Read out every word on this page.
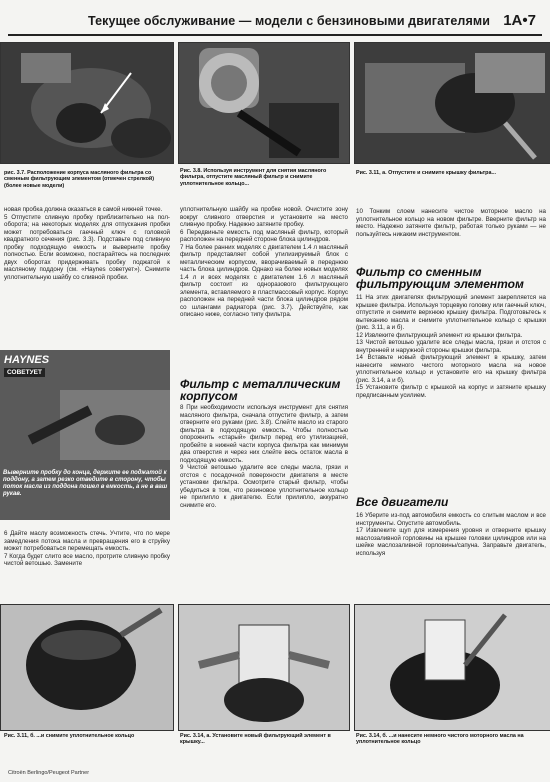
Текущее обслуживание — модели с бензиновыми двигателями 1A•7
рис. 3.7. Расположение корпуса масляного фильтра со сменным фильтрующим элементом (отмечен стрелкой) (более новые модели)
Рис. 3.8. Используя инструмент для снятия масляного фильтра, отпустите масляный фильтр и снимите уплотнительное кольцо...
Рис. 3.11, а. Отпустите и снимите крышку фильтра...

новая пробка должна оказаться в самой нижней точке.

5 Отпустите сливную пробку приблизительно на пол-оборота; на некоторых моделях для отпускания пробки может потребоваться гаечный ключ с головкой квадратного сечения (рис. 3.3). Подставьте под сливную пробку подходящую емкость и выверните пробку полностью. Если возможно, постарайтесь на последних двух оборотах придерживать пробку поджатой к масляному поддону (см. «Haynes советует»). Снимите уплотнительную шайбу со сливной пробки.

HAYNES
СОВЕТУЕТ
Выверните пробку до конца, держите ее поджатой к поддону, а затем резко отведите в сторону, чтобы поток масла из поддона пошел в емкость, а не в ваш рукав.

6 Дайте маслу возможность стечь. Учтите, что по мере замедления потока масла и превращения его в струйку может потребоваться перемещать емкость.

7 Когда будет слито все масло, протрите сливную пробку чистой ветошью. Замените

уплотнительную шайбу на пробке новой. Очистите зону вокруг сливного отверстия и установите на место сливную пробку. Надежно затяните пробку.

6 Передвиньте емкость под масляный фильтр, который расположен на передней стороне блока цилиндров.

7 На более ранних моделях с двигателем 1.4 л масляный фильтр представляет собой утилизируемый блок с металлическим корпусом, вворачиваемый в переднюю часть блока цилиндров. Однако на более новых моделях 1.4 л и всех моделях с двигателем 1.6 л масляный фильтр состоит из одноразового фильтрующего элемента, вставляемого в пластмассовый корпус. Корпус расположен на передней части блока цилиндров рядом со шлангами радиатора (рис. 3.7). Действуйте, как описано ниже, согласно типу фильтра.

Фильтр с металлическим корпусом

8 При необходимости используя инструмент для снятия масляного фильтра, сначала отпустите фильтр, а затем отверните его руками (рис. 3.8). Слейте масло из старого фильтра в подходящую емкость. Чтобы полностью опорожнить «старый» фильтр перед его утилизацией, пробейте в нижней части корпуса фильтра как минимум два отверстия и через них слейте весь остаток масла в подходящую емкость.

9 Чистой ветошью удалите все следы масла, грязи и отстоя с посадочной поверхности двигателя в месте установки фильтра. Осмотрите старый фильтр, чтобы убедиться в том, что резиновое уплотнительное кольцо не прилипло к двигателю. Если прилипло, аккуратно снимите его.

10 Тонким слоем нанесите чистое моторное масло на уплотнительное кольцо на новом фильтре. Вверните фильтр на место. Надежно затяните фильтр, работая только руками — не пользуйтесь никаким инструментом.

Фильтр со сменным фильтрующим элементом

11 На этих двигателях фильтрующий элемент закрепляется на крышке фильтра. Используя торцевую головку или гаечный ключ, отпустите и снимите верхнюю крышку фильтра. Подготовьтесь к вытеканию масла и снимите уплотнительное кольцо с крышки (рис. 3.11, а и б).

12 Извлеките фильтрующий элемент из крышки фильтра.

13 Чистой ветошью удалите все следы масла, грязи и отстоя с внутренней и наружной стороны крышки фильтра.

14 Вставьте новый фильтрующий элемент в крышку, затем нанесите немного чистого моторного масла на новое уплотнительное кольцо и установите его на крышку фильтра (рис. 3.14, а и б).

15 Установите фильтр с крышкой на корпус и затяните крышку предписанным усилием.

Все двигатели

16 Уберите из-под автомобиля емкость со слитым маслом и все инструменты. Опустите автомобиль.

17 Извлеките щуп для измерения уровня и отверните крышку маслозаливной горловины на крышке головки цилиндров или на шейке маслозаливной горловины/сапуна. Заправьте двигатель, используя

Рис. 3.11, б. ...и снимите уплотнительное кольцо	Рис. 3.14, а. Установите новый фильтрующий элемент в крышку...
Рис. 3.14, б. ...и нанесите немного чистого моторного масла на уплотнительное кольцо
Citroën Berlingo/Peugeot Partner
